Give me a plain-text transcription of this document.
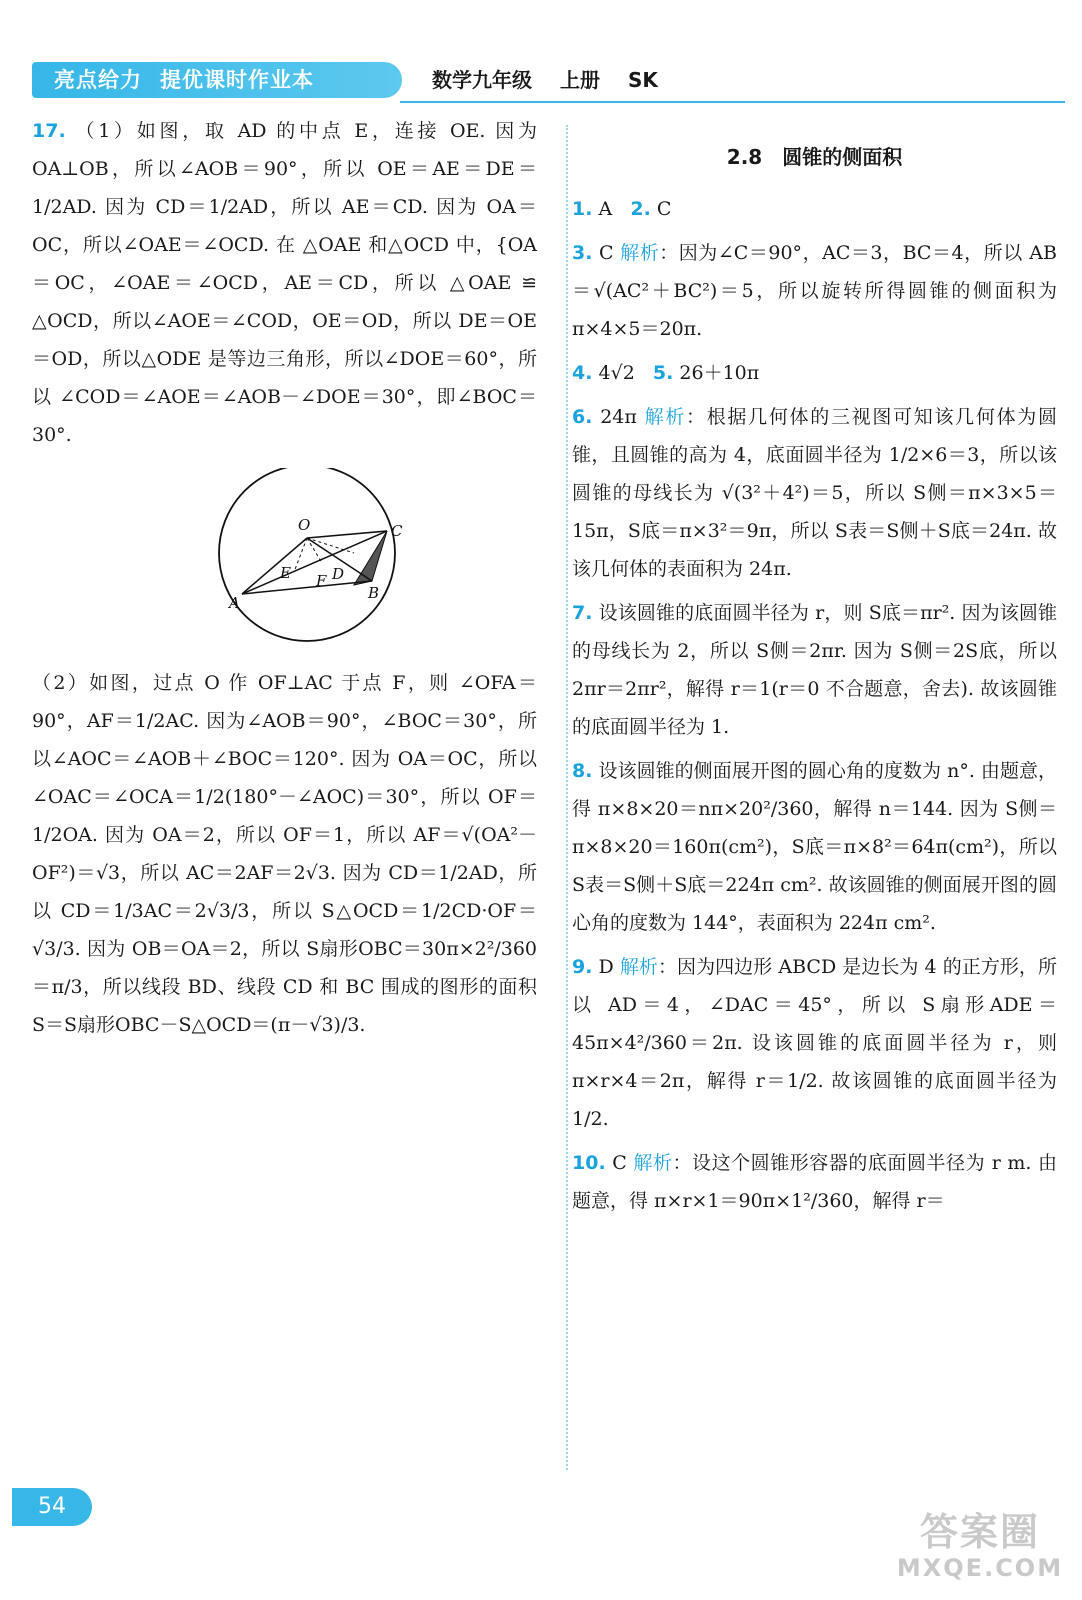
亮点给力 提优课时作业本	数学九年级 上册 SK

17. （1）如图，取 AD 的中点 E，连接 OE. 因为 OA⊥OB，所以∠AOB＝90°，所以 OE＝AE＝DE＝1/2AD. 因为 CD＝1/2AD，所以 AE＝CD. 因为 OA＝OC，所以∠OAE＝∠OCD. 在 △OAE 和△OCD 中，{OA＝OC，∠OAE＝∠OCD，AE＝CD，所以 △OAE ≌ △OCD，所以∠AOE＝∠COD，OE＝OD，所以 DE＝OE＝OD，所以△ODE 是等边三角形，所以∠DOE＝60°，所以 ∠COD＝∠AOE＝∠AOB－∠DOE＝30°，即∠BOC＝30°.

O	C
E F D
A
B

（2）如图，过点 O 作 OF⊥AC 于点 F，则 ∠OFA＝90°，AF＝1/2AC. 因为∠AOB＝90°，∠BOC＝30°，所以∠AOC＝∠AOB＋∠BOC＝120°. 因为 OA＝OC，所以∠OAC＝∠OCA＝1/2(180°－∠AOC)＝30°，所以 OF＝1/2OA. 因为 OA＝2，所以 OF＝1，所以 AF＝√(OA²－OF²)＝√3，所以 AC＝2AF＝2√3. 因为 CD＝1/2AD，所以 CD＝1/3AC＝2√3/3，所以 S△OCD＝1/2CD·OF＝√3/3. 因为 OB＝OA＝2，所以 S扇形OBC＝30π×2²/360＝π/3，所以线段 BD、线段 CD 和 BC 围成的图形的面积 S＝S扇形OBC－S△OCD＝(π－√3)/3.

2.8　圆锥的侧面积

1. A 2. C

3. C 解析：因为∠C＝90°，AC＝3，BC＝4，所以 AB＝√(AC²＋BC²)＝5，所以旋转所得圆锥的侧面积为 π×4×5＝20π.

4. 4√2 5. 26＋10π

6. 24π 解析：根据几何体的三视图可知该几何体为圆锥，且圆锥的高为 4，底面圆半径为 1/2×6＝3，所以该圆锥的母线长为 √(3²＋4²)＝5，所以 S侧＝π×3×5＝15π，S底＝π×3²＝9π，所以 S表＝S侧＋S底＝24π. 故该几何体的表面积为 24π.

7. 设该圆锥的底面圆半径为 r，则 S底＝πr². 因为该圆锥的母线长为 2，所以 S侧＝2πr. 因为 S侧＝2S底，所以 2πr＝2πr²，解得 r＝1(r＝0 不合题意，舍去). 故该圆锥的底面圆半径为 1.

8. 设该圆锥的侧面展开图的圆心角的度数为 n°. 由题意，得 π×8×20＝nπ×20²/360，解得 n＝144. 因为 S侧＝π×8×20＝160π(cm²)，S底＝π×8²＝64π(cm²)，所以 S表＝S侧＋S底＝224π cm². 故该圆锥的侧面展开图的圆心角的度数为 144°，表面积为 224π cm².

9. D 解析：因为四边形 ABCD 是边长为 4 的正方形，所以 AD＝4，∠DAC＝45°，所以 S扇形ADE＝45π×4²/360＝2π. 设该圆锥的底面圆半径为 r，则 π×r×4＝2π，解得 r＝1/2. 故该圆锥的底面圆半径为 1/2.

10. C 解析：设这个圆锥形容器的底面圆半径为 r m. 由题意，得 π×r×1＝90π×1²/360，解得 r＝

54
答案圈
MXQE.COM
